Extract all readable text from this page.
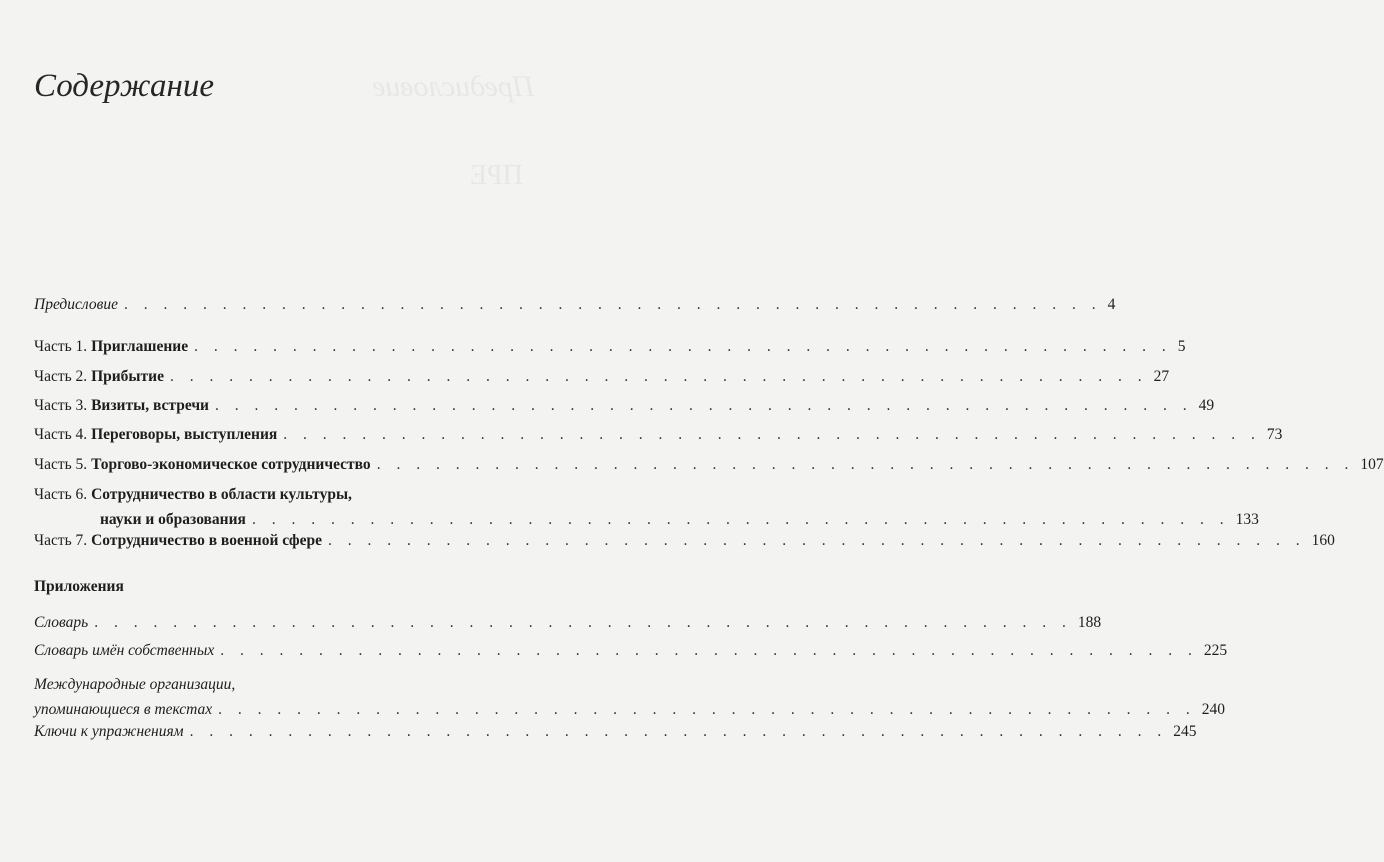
Предисловие
ПРЕ
Содержание
Предисловие . . . . . . . . . . . . . . . . . . . . . . . . . . . . . . . . . . . . . . . . . . . . . . . . . . 4
Часть 1. Приглашение . . . . . . . . . . . . . . . . . . . . . . . . . . . . . . . . . . . . . . . . . . . . . . . . . . 5
Часть 2. Прибытие . . . . . . . . . . . . . . . . . . . . . . . . . . . . . . . . . . . . . . . . . . . . . . . . . . 27
Часть 3. Визиты, встречи . . . . . . . . . . . . . . . . . . . . . . . . . . . . . . . . . . . . . . . . . . . . . . . . . . 49
Часть 4. Переговоры, выступления . . . . . . . . . . . . . . . . . . . . . . . . . . . . . . . . . . . . . . . . . . . . . . . . . . 73
Часть 5. Торгово-экономическое сотрудничество . . . . . . . . . . . . . . . . . . . . . . . . . . . . . . . . . . . . . . . . . . . . . . . . . . 107
Часть 6. Сотрудничество в области культуры,
науки и образования . . . . . . . . . . . . . . . . . . . . . . . . . . . . . . . . . . . . . . . . . . . . . . . . . . 133
Часть 7. Сотрудничество в военной сфере . . . . . . . . . . . . . . . . . . . . . . . . . . . . . . . . . . . . . . . . . . . . . . . . . . 160
Приложения
Словарь . . . . . . . . . . . . . . . . . . . . . . . . . . . . . . . . . . . . . . . . . . . . . . . . . . 188
Словарь имён собственных . . . . . . . . . . . . . . . . . . . . . . . . . . . . . . . . . . . . . . . . . . . . . . . . . . 225
Международные организации,
упоминающиеся в текстах . . . . . . . . . . . . . . . . . . . . . . . . . . . . . . . . . . . . . . . . . . . . . . . . . . 240
Ключи к упражнениям . . . . . . . . . . . . . . . . . . . . . . . . . . . . . . . . . . . . . . . . . . . . . . . . . . 245
